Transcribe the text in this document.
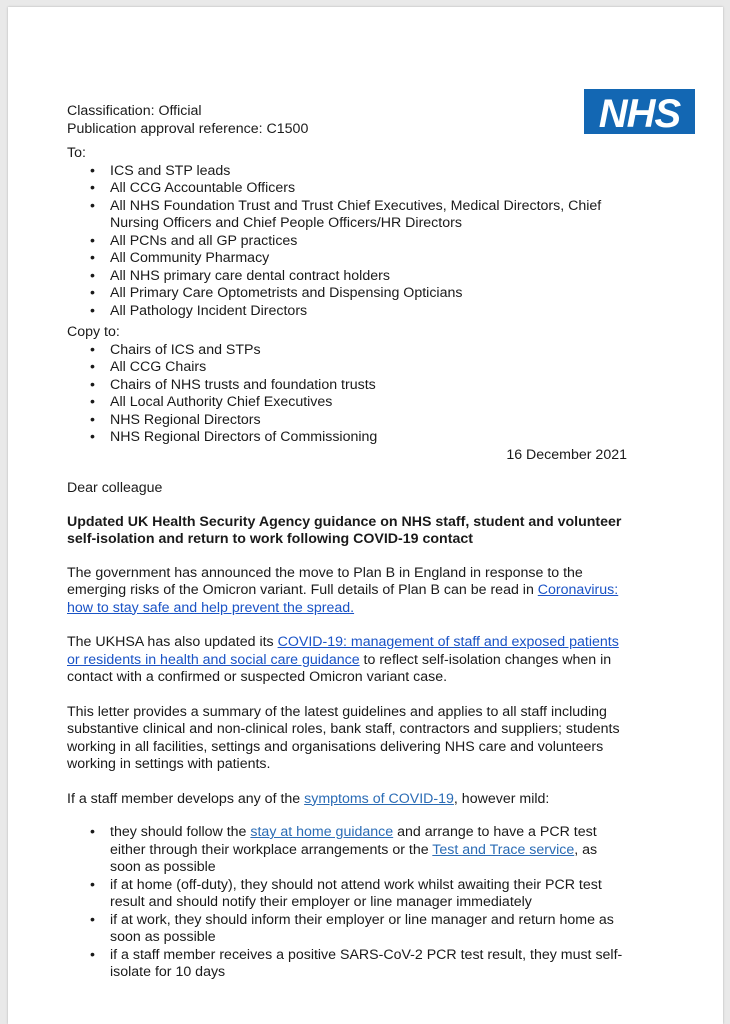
NHS

Classification: Official

Publication approval reference: C1500

To:

• ICS and STP leads
• All CCG Accountable Officers
• All NHS Foundation Trust and Trust Chief Executives, Medical Directors, Chief Nursing Officers and Chief People Officers/HR Directors
• All PCNs and all GP practices
• All Community Pharmacy
• All NHS primary care dental contract holders
• All Primary Care Optometrists and Dispensing Opticians
• All Pathology Incident Directors

Copy to:

• Chairs of ICS and STPs
• All CCG Chairs
• Chairs of NHS trusts and foundation trusts
• All Local Authority Chief Executives
• NHS Regional Directors
• NHS Regional Directors of Commissioning

16 December 2021

Dear colleague

Updated UK Health Security Agency guidance on NHS staff, student and volunteer self-isolation and return to work following COVID-19 contact

The government has announced the move to Plan B in England in response to the emerging risks of the Omicron variant. Full details of Plan B can be read in Coronavirus: how to stay safe and help prevent the spread.

The UKHSA has also updated its COVID-19: management of staff and exposed patients or residents in health and social care guidance to reflect self-isolation changes when in contact with a confirmed or suspected Omicron variant case.

This letter provides a summary of the latest guidelines and applies to all staff including substantive clinical and non-clinical roles, bank staff, contractors and suppliers; students working in all facilities, settings and organisations delivering NHS care and volunteers working in settings with patients.

If a staff member develops any of the symptoms of COVID-19, however mild:

• they should follow the stay at home guidance and arrange to have a PCR test either through their workplace arrangements or the Test and Trace service, as soon as possible
• if at home (off-duty), they should not attend work whilst awaiting their PCR test result and should notify their employer or line manager immediately
• if at work, they should inform their employer or line manager and return home as soon as possible
• if a staff member receives a positive SARS-CoV-2 PCR test result, they must self-isolate for 10 days
